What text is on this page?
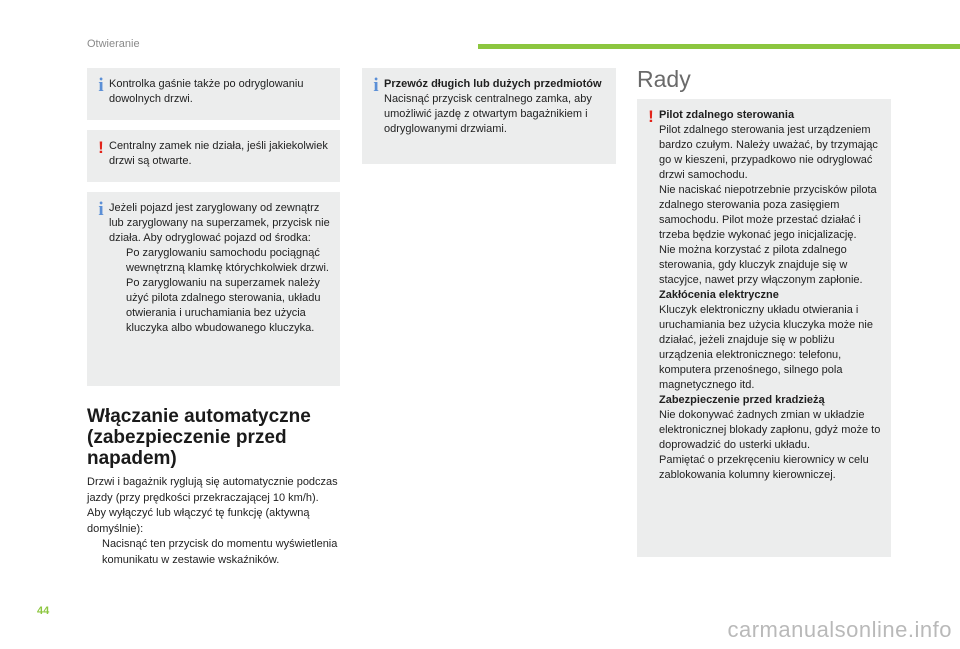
Otwieranie
i Kontrolka gaśnie także po odryglowaniu dowolnych drzwi.
! Centralny zamek nie działa, jeśli jakiekolwiek drzwi są otwarte.
i Jeżeli pojazd jest zaryglowany od zewnątrz lub zaryglowany na superzamek, przycisk nie działa. Aby odryglować pojazd od środka:
Po zaryglowaniu samochodu pociągnąć wewnętrzną klamkę którychkolwiek drzwi.
Po zaryglowaniu na superzamek należy użyć pilota zdalnego sterowania, układu otwierania i uruchamiania bez użycia kluczyka albo wbudowanego kluczyka.
Włączanie automatyczne (zabezpieczenie przed napadem)
Drzwi i bagażnik ryglują się automatycznie podczas jazdy (przy prędkości przekraczającej 10 km/h).
Aby wyłączyć lub włączyć tę funkcję (aktywną domyślnie):
Nacisnąć ten przycisk do momentu wyświetlenia komunikatu w zestawie wskaźników.
i Przewóz długich lub dużych przedmiotów
Nacisnąć przycisk centralnego zamka, aby umożliwić jazdę z otwartym bagażnikiem i odryglowanymi drzwiami.
Rady
! Pilot zdalnego sterowania
Pilot zdalnego sterowania jest urządzeniem bardzo czułym. Należy uważać, by trzymając go w kieszeni, przypadkowo nie odryglować drzwi samochodu.
Nie naciskać niepotrzebnie przycisków pilota zdalnego sterowania poza zasięgiem samochodu. Pilot może przestać działać i trzeba będzie wykonać jego inicjalizację.
Nie można korzystać z pilota zdalnego sterowania, gdy kluczyk znajduje się w stacyjce, nawet przy włączonym zapłonie.
Zakłócenia elektryczne
Kluczyk elektroniczny układu otwierania i uruchamiania bez użycia kluczyka może nie działać, jeżeli znajduje się w pobliżu urządzenia elektronicznego: telefonu, komputera przenośnego, silnego pola magnetycznego itd.
Zabezpieczenie przed kradzieżą
Nie dokonywać żadnych zmian w układzie elektronicznej blokady zapłonu, gdyż może to doprowadzić do usterki układu.
Pamiętać o przekręceniu kierownicy w celu zablokowania kolumny kierowniczej.
44
carmanualsonline.info
